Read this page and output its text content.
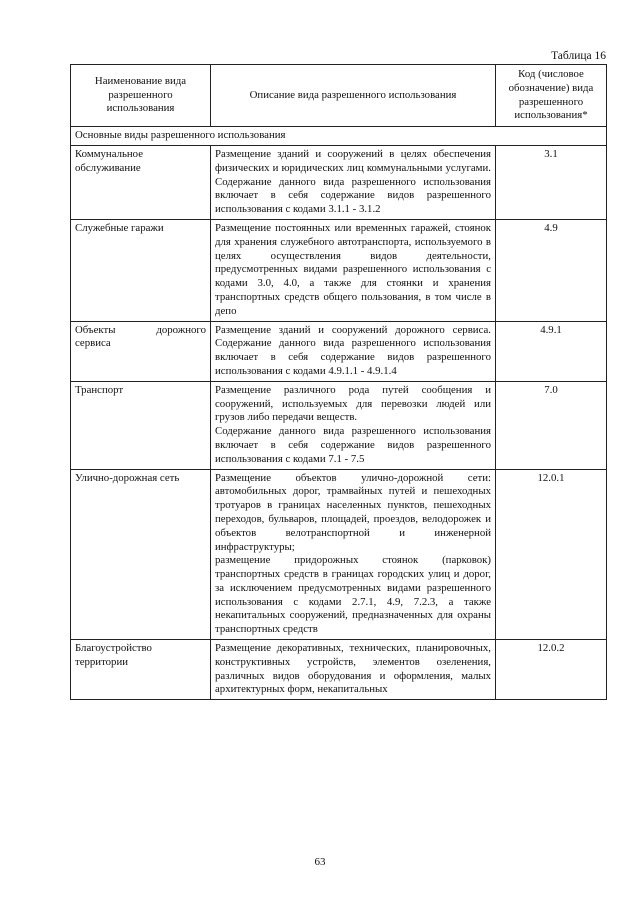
Таблица 16
Наименование вида разрешенного использования	Описание вида разрешенного использования	Код (числовое обозначение) вида разрешенного использования*
Основные виды разрешенного использования		
Коммунальное обслуживание	Размещение зданий и сооружений в целях обеспечения физических и юридических лиц коммунальными услугами. Содержание данного вида разрешенного использования включает в себя содержание видов разрешенного использования с кодами 3.1.1 - 3.1.2	3.1
Служебные гаражи	Размещение постоянных или временных гаражей, стоянок для хранения служебного автотранспорта, используемого в целях осуществления видов деятельности, предусмотренных видами разрешенного использования с кодами 3.0, 4.0, а также для стоянки и хранения транспортных средств общего пользования, в том числе в депо	4.9
Объекты дорожного сервиса	Размещение зданий и сооружений дорожного сервиса. Содержание данного вида разрешенного использования включает в себя содержание видов разрешенного использования с кодами 4.9.1.1 - 4.9.1.4	4.9.1
Транспорт	Размещение различного рода путей сообщения и сооружений, используемых для перевозки людей или грузов либо передачи веществ.

Содержание данного вида разрешенного использования включает в себя содержание видов разрешенного использования с кодами 7.1 - 7.5	7.0
Улично-дорожная сеть	Размещение объектов улично-дорожной сети: автомобильных дорог, трамвайных путей и пешеходных тротуаров в границах населенных пунктов, пешеходных переходов, бульваров, площадей, проездов, велодорожек и объектов велотранспортной и инженерной инфраструктуры;

размещение придорожных стоянок (парковок) транспортных средств в границах городских улиц и дорог, за исключением предусмотренных видами разрешенного использования с кодами 2.7.1, 4.9, 7.2.3, а также некапитальных сооружений, предназначенных для охраны транспортных средств	12.0.1
Благоустройство территории	Размещение декоративных, технических, планировочных, конструктивных устройств, элементов озеленения, различных видов оборудования и оформления, малых архитектурных форм, некапитальных	12.0.2
63
